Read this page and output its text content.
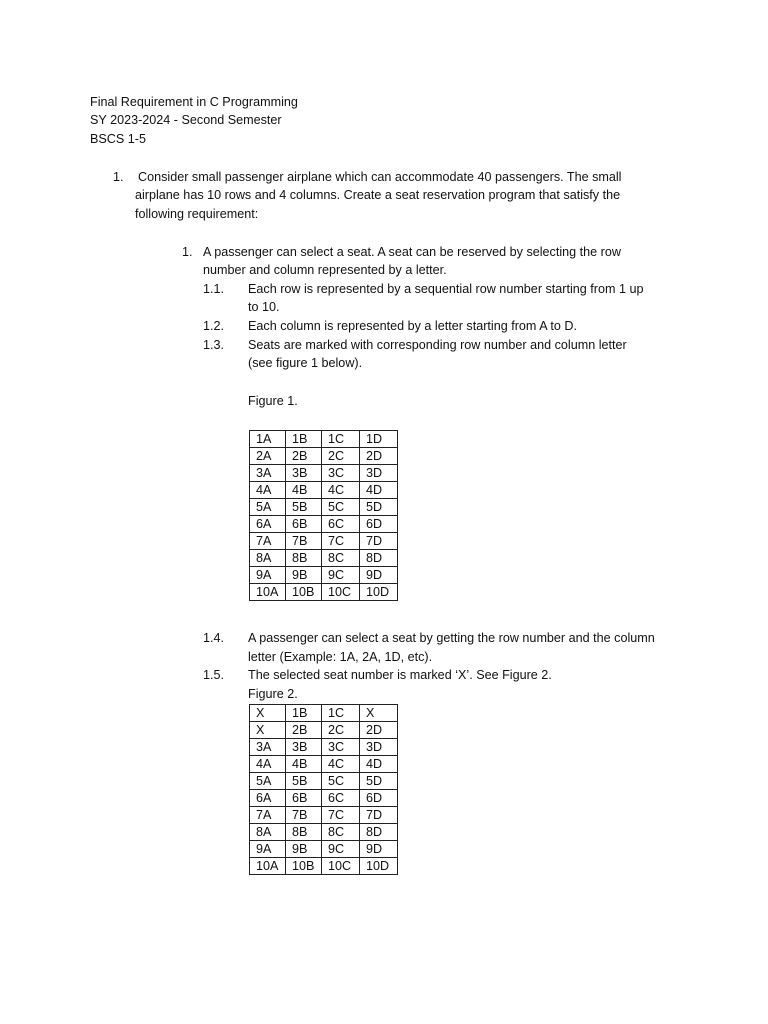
Final Requirement in C Programming
SY 2023-2024 - Second Semester
BSCS 1-5
1. Consider small passenger airplane which can accommodate 40 passengers. The small
airplane has 10 rows and 4 columns. Create a seat reservation program that satisfy the
following requirement:
1. A passenger can select a seat. A seat can be reserved by selecting the row
number and column represented by a letter.
1.1. Each row is represented by a sequential row number starting from 1 up
to 10.
1.2. Each column is represented by a letter starting from A to D.
1.3. Seats are marked with corresponding row number and column letter
(see figure 1 below).
Figure 1.
1A	1B	1C	1D
2A	2B	2C	2D
3A	3B	3C	3D
4A	4B	4C	4D
5A	5B	5C	5D
6A	6B	6C	6D
7A	7B	7C	7D
8A	8B	8C	8D
9A	9B	9C	9D
10A	10B	10C	10D
1.4. A passenger can select a seat by getting the row number and the column
letter (Example: 1A, 2A, 1D, etc).
1.5. The selected seat number is marked ‘X’. See Figure 2.
Figure 2.
X	1B	1C	X
X	2B	2C	2D
3A	3B	3C	3D
4A	4B	4C	4D
5A	5B	5C	5D
6A	6B	6C	6D
7A	7B	7C	7D
8A	8B	8C	8D
9A	9B	9C	9D
10A	10B	10C	10D
